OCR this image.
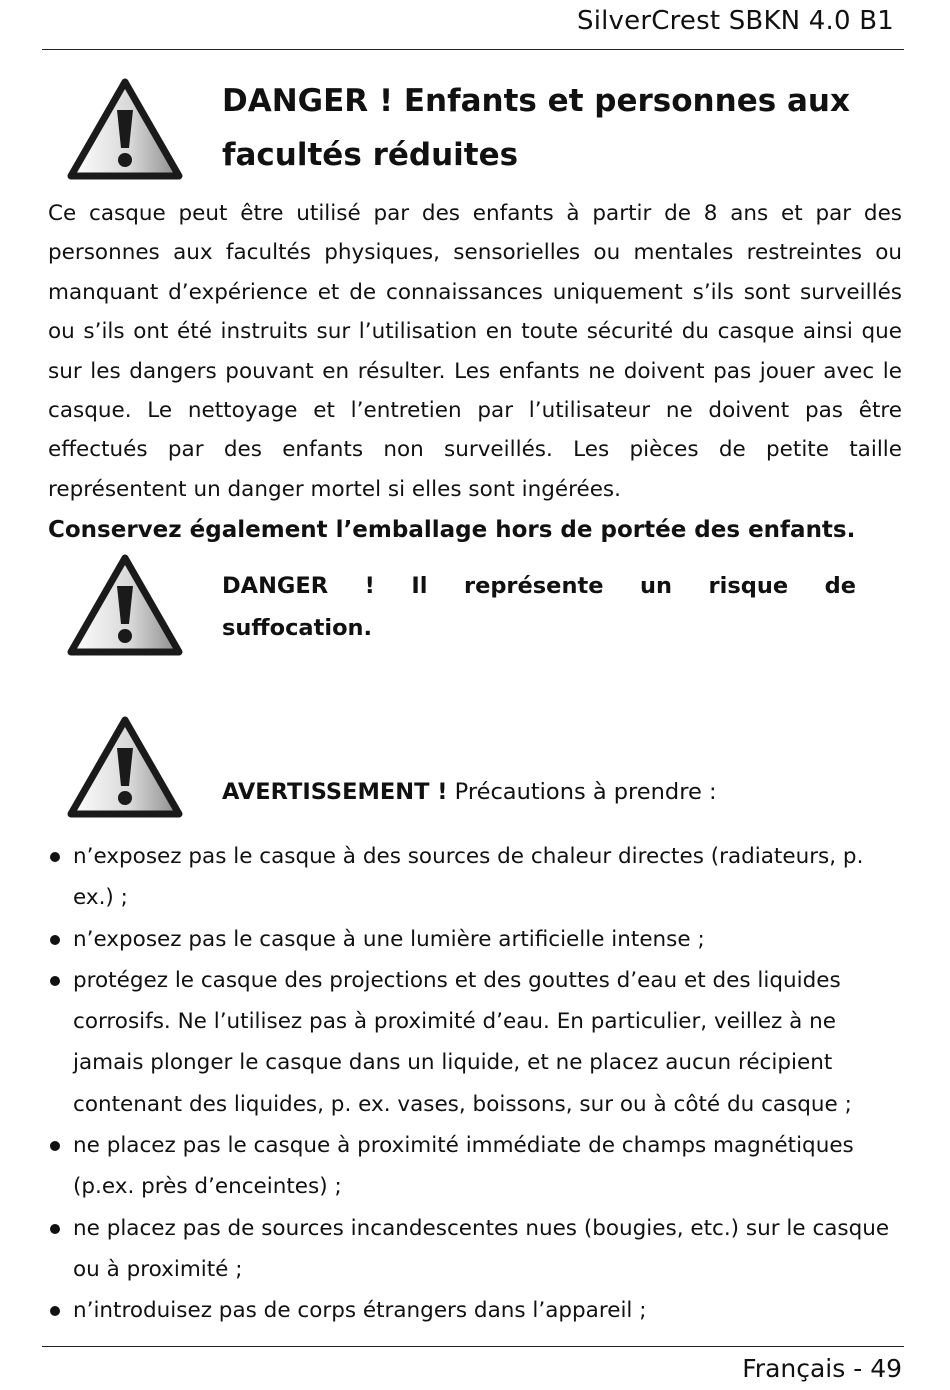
SilverCrest SBKN 4.0 B1
DANGER ! Enfants et personnes aux
facultés réduites
Ce casque peut être utilisé par des enfants à partir de 8 ans et par des personnes aux facultés physiques, sensorielles ou mentales restreintes ou manquant d’expérience et de connaissances uniquement s’ils sont surveillés ou s’ils ont été instruits sur l’utilisation en toute sécurité du casque ainsi que sur les dangers pouvant en résulter. Les enfants ne doivent pas jouer avec le casque. Le nettoyage et l’entretien par l’utilisateur ne doivent pas être effectués par des enfants non surveillés. Les pièces de petite taille représentent un danger mortel si elles sont ingérées.
Conservez également l’emballage hors de portée des enfants.
DANGER ! Il représente un risque de
suffocation.
AVERTISSEMENT ! Précautions à prendre :
n’exposez pas le casque à des sources de chaleur directes (radiateurs, p. ex.) ;
n’exposez pas le casque à une lumière artificielle intense ;
protégez le casque des projections et des gouttes d’eau et des liquides corrosifs. Ne l’utilisez pas à proximité d’eau. En particulier, veillez à ne jamais plonger le casque dans un liquide, et ne placez aucun récipient contenant des liquides, p. ex. vases, boissons, sur ou à côté du casque ;
ne placez pas le casque à proximité immédiate de champs magnétiques (p.ex. près d’enceintes) ;
ne placez pas de sources incandescentes nues (bougies, etc.) sur le casque ou à proximité ;
n’introduisez pas de corps étrangers dans l’appareil ;
Français - 49
